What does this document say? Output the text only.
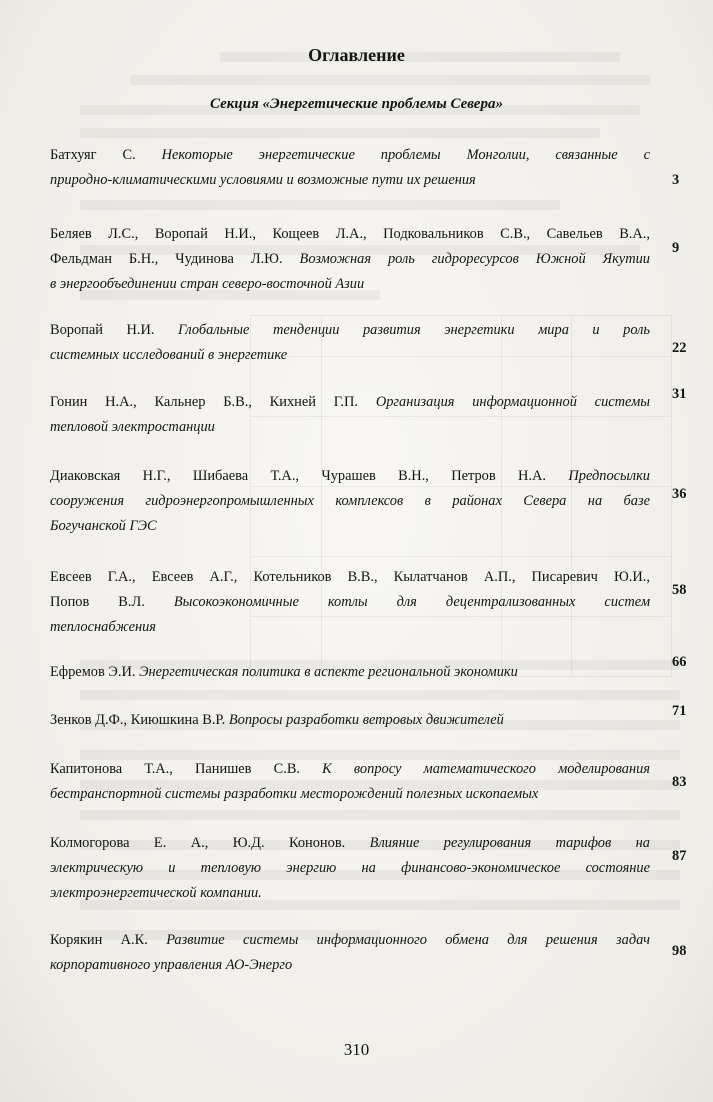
Оглавление
Секция «Энергетические проблемы Севера»
Батхуяг С. Некоторые энергетические проблемы Монголии, связанные с
природно-климатическими условиями и возможные пути их решения	3
Беляев Л.С., Воропай Н.И., Кощеев Л.А., Подковальников С.В., Савельев В.А.,
Фельдман Б.Н., Чудинова Л.Ю. Возможная роль гидроресурсов Южной Якутии
в энергообъединении стран северо-восточной Азии
9
Воропай Н.И. Глобальные тенденции развития энергетики мира и роль
системных исследований в энергетике	22
Гонин Н.А., Кальнер Б.В., Кихней Г.П. Организация информационной системы
тепловой электростанции
31
Диаковская Н.Г., Шибаева Т.А., Чурашев В.Н., Петров Н.А. Предпосылки
сооружения гидроэнергопромышленных комплексов в районах Севера на базе
Богучанской ГЭС
36
Евсеев Г.А., Евсеев А.Г., Котельников В.В., Кылатчанов А.П., Писаревич Ю.И.,
Попов В.Л. Высокоэкономичные котлы для децентрализованных систем
теплоснабжения
58
Ефремов Э.И. Энергетическая политика в аспекте региональной экономики
66
Зенков Д.Ф., Киюшкина В.Р. Вопросы разработки ветровых движителей
71
Капитонова Т.А., Панишев С.В. К вопросу математического моделирования
бестранспортной системы разработки месторождений полезных ископаемых
83
Колмогорова Е. А., Ю.Д. Кононов. Влияние регулирования тарифов на
электрическую и тепловую энергию на финансово-экономическое состояние
электроэнергетической компании.
87
Корякин А.К. Развитие системы информационного обмена для решения задач
корпоративного управления АО-Энерго
98
310
